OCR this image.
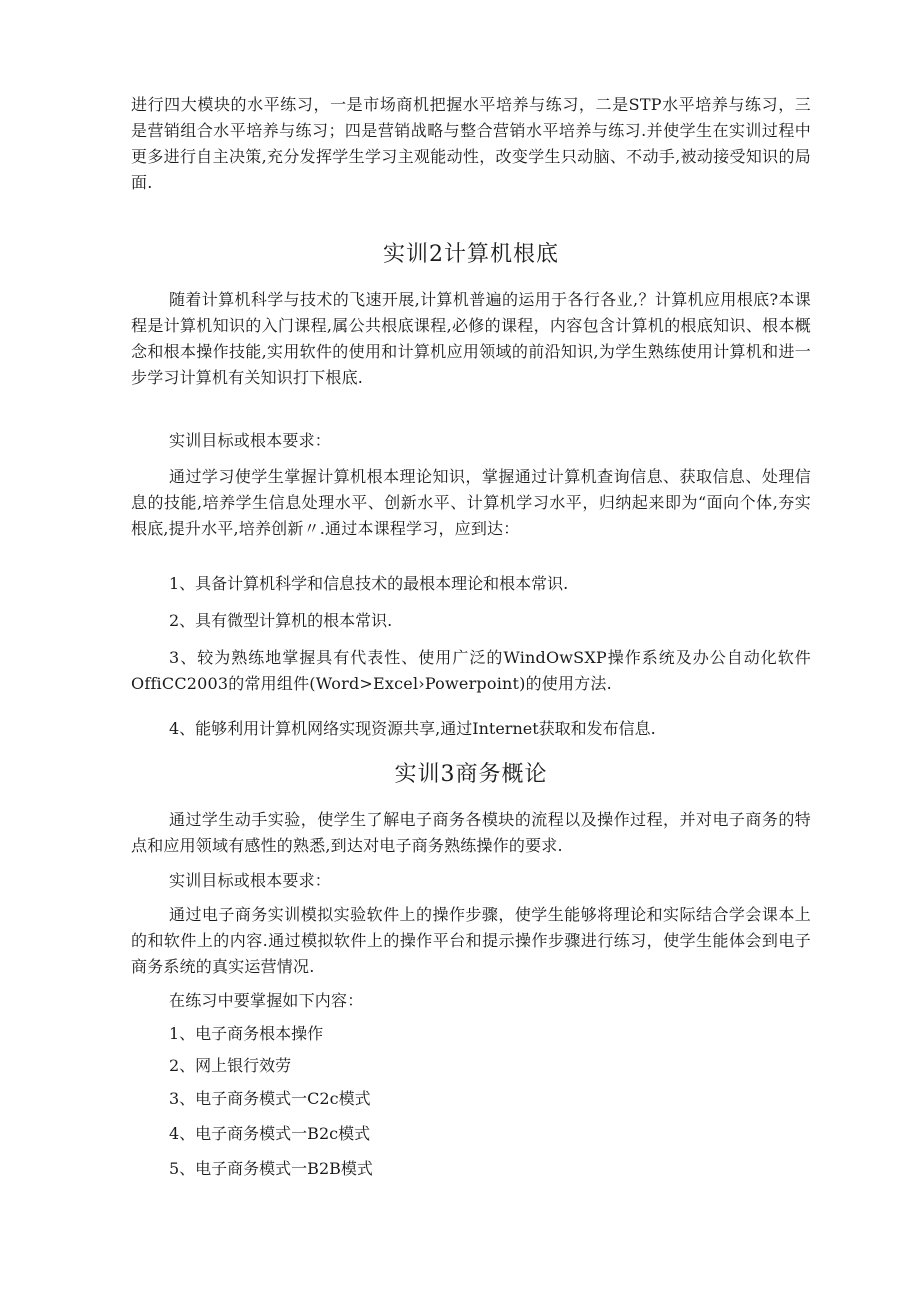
进行四大模块的水平练习，一是市场商机把握水平培养与练习，二是STP水平培养与练习，三是营销组合水平培养与练习；四是营销战略与整合营销水平培养与练习.并使学生在实训过程中更多进行自主决策,充分发挥学生学习主观能动性，改变学生只动脑、不动手,被动接受知识的局面.

实训2计算机根底

随着计算机科学与技术的飞速开展,计算机普遍的运用于各行各业,？计算机应用根底?本课程是计算机知识的入门课程,属公共根底课程,必修的课程，内容包含计算机的根底知识、根本概念和根本操作技能,实用软件的使用和计算机应用领域的前沿知识,为学生熟练使用计算机和进一步学习计算机有关知识打下根底.

实训目标或根本要求：

通过学习使学生掌握计算机根本理论知识，掌握通过计算机查询信息、获取信息、处理信息的技能,培养学生信息处理水平、创新水平、计算机学习水平，归纳起来即为“面向个体,夯实根底,提升水平,培养创新〃.通过本课程学习，应到达：

1、具备计算机科学和信息技术的最根本理论和根本常识.

2、具有微型计算机的根本常识.

3、较为熟练地掌握具有代表性、使用广泛的WindOwSXP操作系统及办公自动化软件OffiCC2003的常用组件(Word>Excel›Powerpoint)的使用方法.

4、能够利用计算机网络实现资源共享,通过Internet获取和发布信息.

实训3商务概论

通过学生动手实验，使学生了解电子商务各模块的流程以及操作过程，并对电子商务的特点和应用领域有感性的熟悉,到达对电子商务熟练操作的要求.

实训目标或根本要求：

通过电子商务实训模拟实验软件上的操作步骤，使学生能够将理论和实际结合学会课本上的和软件上的内容.通过模拟软件上的操作平台和提示操作步骤进行练习，使学生能体会到电子商务系统的真实运营情况.

在练习中要掌握如下内容：

1、电子商务根本操作

2、网上银行效劳

3、电子商务模式一C2c模式

4、电子商务模式一B2c模式

5、电子商务模式一B2B模式
